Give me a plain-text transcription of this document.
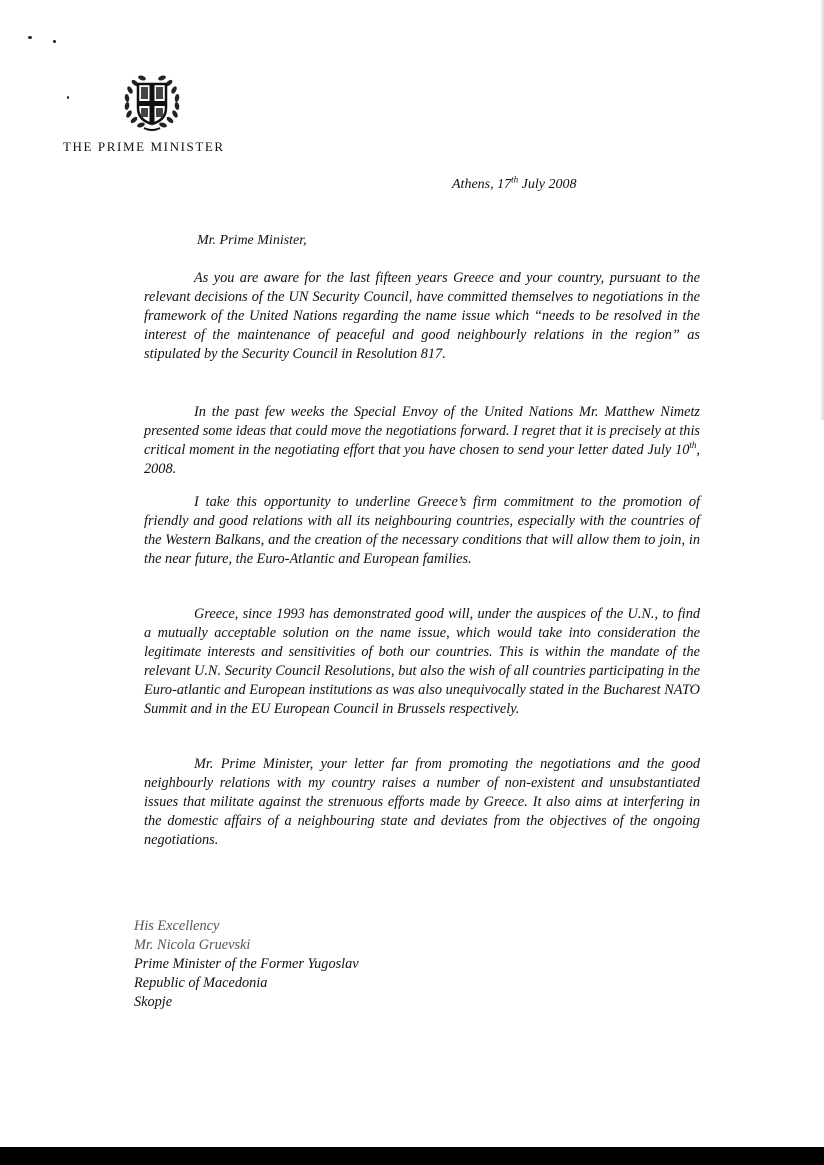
THE PRIME MINISTER
Athens, 17th July 2008
Mr. Prime Minister,

As you are aware for the last fifteen years Greece and your country, pursuant to the relevant decisions of the UN Security Council, have committed themselves to negotiations in the framework of the United Nations regarding the name issue which “needs to be resolved in the interest of the maintenance of peaceful and good neighbourly relations in the region” as stipulated by the Security Council in Resolution 817.

In the past few weeks the Special Envoy of the United Nations Mr. Matthew Nimetz presented some ideas that could move the negotiations forward. I regret that it is precisely at this critical moment in the negotiating effort that you have chosen to send your letter dated July 10th, 2008.

I take this opportunity to underline Greece’s firm commitment to the promotion of friendly and good relations with all its neighbouring countries, especially with the countries of the Western Balkans, and the creation of the necessary conditions that will allow them to join, in the near future, the Euro-Atlantic and European families.

Greece, since 1993 has demonstrated good will, under the auspices of the U.N., to find a mutually acceptable solution on the name issue, which would take into consideration the legitimate interests and sensitivities of both our countries. This is within the mandate of the relevant U.N. Security Council Resolutions, but also the wish of all countries participating in the Euro-atlantic and European institutions as was also unequivocally stated in the Bucharest NATO Summit and in the EU European Council in Brussels respectively.

Mr. Prime Minister, your letter far from promoting the negotiations and the good neighbourly relations with my country raises a number of non-existent and unsubstantiated issues that militate against the strenuous efforts made by Greece. It also aims at interfering in the domestic affairs of a neighbouring state and deviates from the objectives of the ongoing negotiations.

His Excellency
Mr. Nicola Gruevski
Prime Minister of the Former Yugoslav
Republic of Macedonia
Skopje
